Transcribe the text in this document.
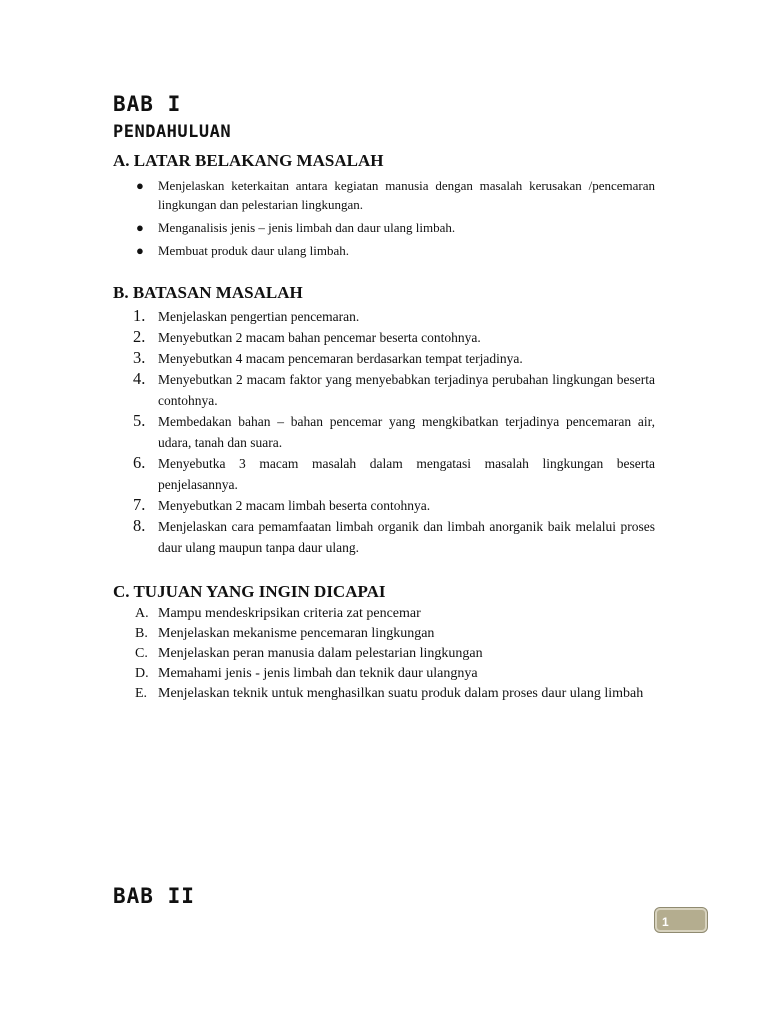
BAB I
PENDAHULUAN
A. LATAR BELAKANG MASALAH
● Menjelaskan keterkaitan antara kegiatan manusia dengan masalah kerusakan /pencemaran lingkungan dan pelestarian lingkungan.
● Menganalisis jenis – jenis limbah dan daur ulang limbah.
● Membuat produk daur ulang limbah.
B. BATASAN MASALAH
1. Menjelaskan pengertian pencemaran.
2. Menyebutkan 2 macam bahan pencemar beserta contohnya.
3. Menyebutkan 4 macam pencemaran berdasarkan tempat terjadinya.
4. Menyebutkan 2 macam faktor yang menyebabkan terjadinya perubahan lingkungan beserta contohnya.
5. Membedakan bahan – bahan pencemar yang mengkibatkan terjadinya pencemaran air, udara, tanah dan suara.
6. Menyebutka 3 macam masalah dalam mengatasi masalah lingkungan beserta penjelasannya.
7. Menyebutkan 2 macam limbah beserta contohnya.
8. Menjelaskan cara pemamfaatan limbah organik dan limbah anorganik baik melalui proses daur ulang maupun tanpa daur ulang.
C. TUJUAN YANG INGIN DICAPAI
A. Mampu mendeskripsikan criteria zat pencemar
B. Menjelaskan mekanisme pencemaran lingkungan
C. Menjelaskan peran manusia dalam pelestarian lingkungan
D. Memahami jenis - jenis limbah dan teknik daur ulangnya
E. Menjelaskan teknik untuk menghasilkan suatu produk dalam proses daur ulang limbah
BAB II
1
